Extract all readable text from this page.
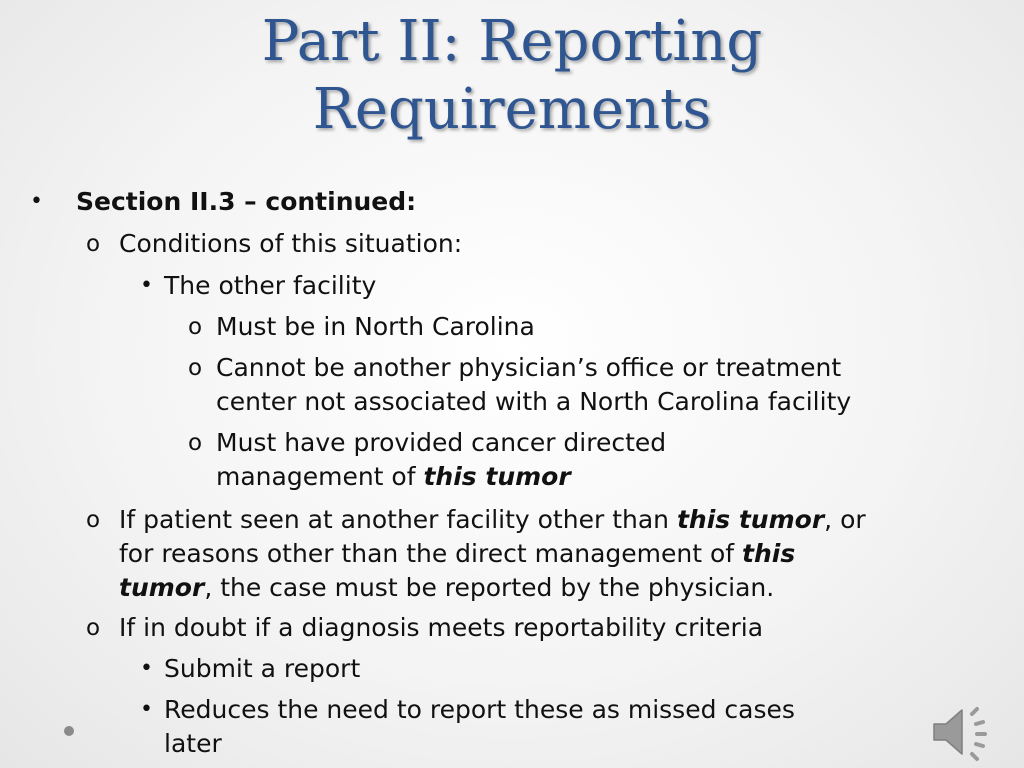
Part II: Reporting
Requirements
• Section II.3 – continued:
o Conditions of this situation:
• The other facility
o Must be in North Carolina
o Cannot be another physician’s office or treatment
center not associated with a North Carolina facility
o Must have provided cancer directed
management of this tumor
o If patient seen at another facility other than this tumor, or
for reasons other than the direct management of this
tumor, the case must be reported by the physician.
o If in doubt if a diagnosis meets reportability criteria
• Submit a report
• Reduces the need to report these as missed cases
later
